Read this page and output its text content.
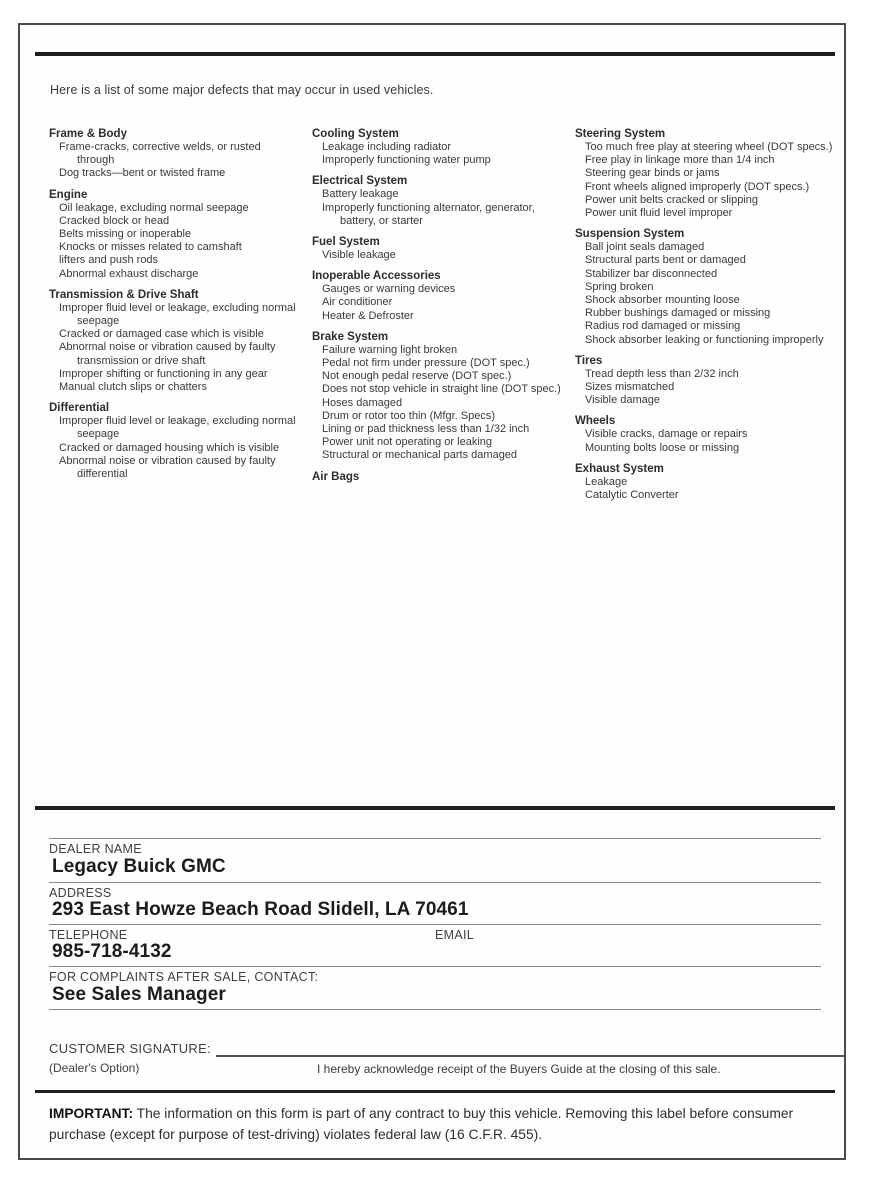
Here is a list of some major defects that may occur in used vehicles.
Frame & Body
Frame-cracks, corrective welds, or rusted through
Dog tracks—bent or twisted frame
Engine
Oil leakage, excluding normal seepage
Cracked block or head
Belts missing or inoperable
Knocks or misses related to camshaft
lifters and push rods
Abnormal exhaust discharge
Transmission & Drive Shaft
Improper fluid level or leakage, excluding normal seepage
Cracked or damaged case which is visible
Abnormal noise or vibration caused by faulty transmission or drive shaft
Improper shifting or functioning in any gear
Manual clutch slips or chatters
Differential
Improper fluid level or leakage, excluding normal seepage
Cracked or damaged housing which is visible
Abnormal noise or vibration caused by faulty differential
Cooling System
Leakage including radiator
Improperly functioning water pump
Electrical System
Battery leakage
Improperly functioning alternator, generator, battery, or starter
Fuel System
Visible leakage
Inoperable Accessories
Gauges or warning devices
Air conditioner
Heater & Defroster
Brake System
Failure warning light broken
Pedal not firm under pressure (DOT spec.)
Not enough pedal reserve (DOT spec.)
Does not stop vehicle in straight line (DOT spec.)
Hoses damaged
Drum or rotor too thin (Mfgr. Specs)
Lining or pad thickness less than 1/32 inch
Power unit not operating or leaking
Structural or mechanical parts damaged
Air Bags
Steering System
Too much free play at steering wheel (DOT specs.)
Free play in linkage more than 1/4 inch
Steering gear binds or jams
Front wheels aligned improperly (DOT specs.)
Power unit belts cracked or slipping
Power unit fluid level improper
Suspension System
Ball joint seals damaged
Structural parts bent or damaged
Stabilizer bar disconnected
Spring broken
Shock absorber mounting loose
Rubber bushings damaged or missing
Radius rod damaged or missing
Shock absorber leaking or functioning improperly
Tires
Tread depth less than 2/32 inch
Sizes mismatched
Visible damage
Wheels
Visible cracks, damage or repairs
Mounting bolts loose or missing
Exhaust System
Leakage
Catalytic Converter
DEALER NAME
Legacy Buick GMC
ADDRESS
293 East Howze Beach Road Slidell, LA 70461
TELEPHONE	EMAIL
985-718-4132
FOR COMPLAINTS AFTER SALE, CONTACT:
See Sales Manager
CUSTOMER SIGNATURE:
(Dealer's Option)	I hereby acknowledge receipt of the Buyers Guide at the closing of this sale.
IMPORTANT: The information on this form is part of any contract to buy this vehicle. Removing this label before consumer purchase (except for purpose of test-driving) violates federal law (16 C.F.R. 455).
